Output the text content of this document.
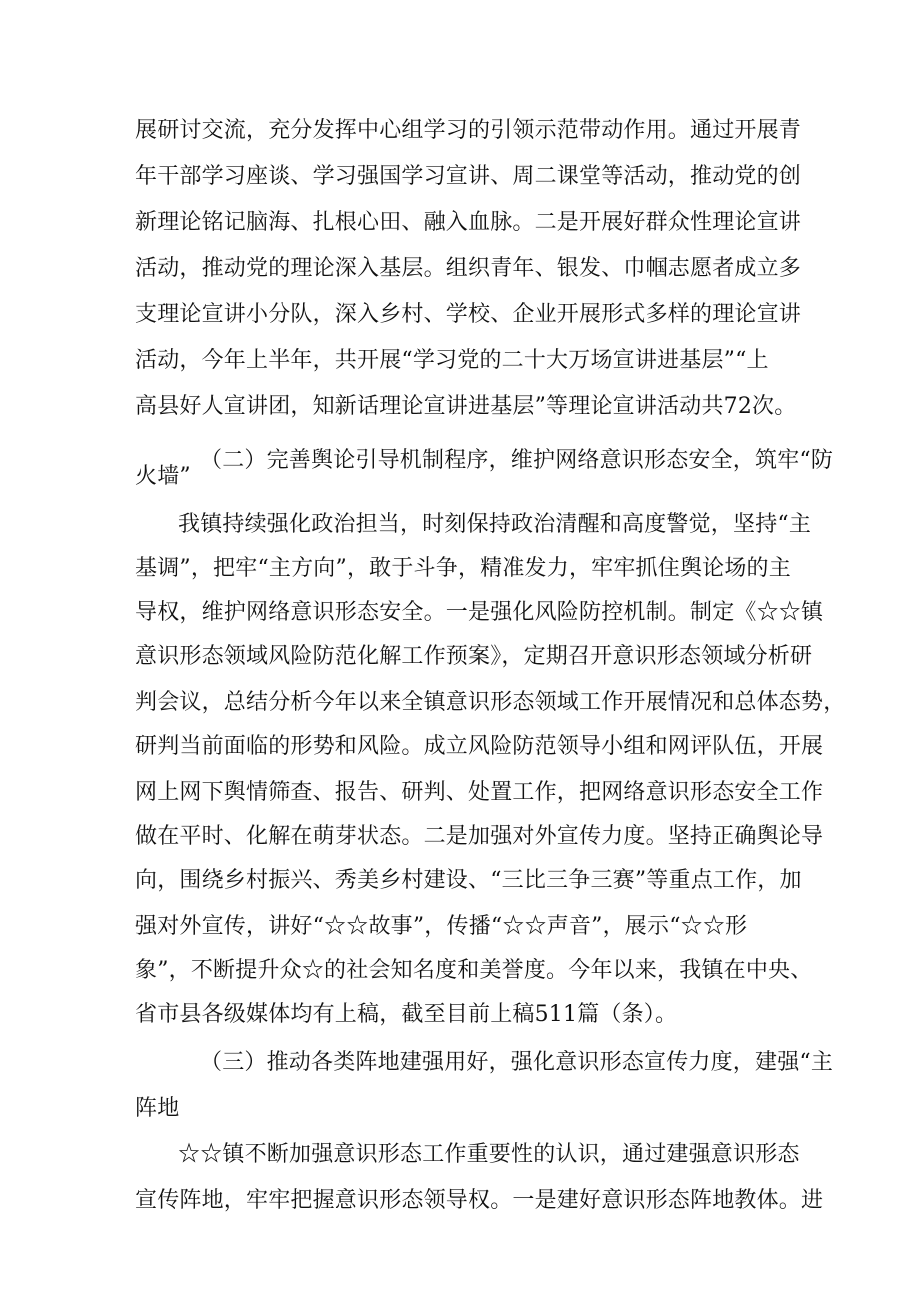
展研讨交流，充分发挥中心组学习的引领示范带动作用。通过开展青
年干部学习座谈、学习强国学习宣讲、周二课堂等活动，推动党的创
新理论铭记脑海、扎根心田、融入血脉。二是开展好群众性理论宣讲
活动，推动党的理论深入基层。组织青年、银发、巾帼志愿者成立多
支理论宣讲小分队，深入乡村、学校、企业开展形式多样的理论宣讲
活动，今年上半年，共开展“学习党的二十大万场宣讲进基层”“上
高县好人宣讲团，知新话理论宣讲进基层”等理论宣讲活动共72次。
（二）完善舆论引导机制程序，维护网络意识形态安全，筑牢“防
火墙”
我镇持续强化政治担当，时刻保持政治清醒和高度警觉，坚持“主
基调”，把牢“主方向”，敢于斗争，精准发力，牢牢抓住舆论场的主
导权，维护网络意识形态安全。一是强化风险防控机制。制定《☆☆镇
意识形态领域风险防范化解工作预案》，定期召开意识形态领域分析研
判会议，总结分析今年以来全镇意识形态领域工作开展情况和总体态势，
研判当前面临的形势和风险。成立风险防范领导小组和网评队伍，开展
网上网下舆情筛查、报告、研判、处置工作，把网络意识形态安全工作
做在平时、化解在萌芽状态。二是加强对外宣传力度。坚持正确舆论导
向，围绕乡村振兴、秀美乡村建设、“三比三争三赛”等重点工作，加
强对外宣传，讲好“☆☆故事”，传播“☆☆声音”，展示“☆☆形
象”，不断提升众☆的社会知名度和美誉度。今年以来，我镇在中央、
省市县各级媒体均有上稿，截至目前上稿511篇（条）。
（三）推动各类阵地建强用好，强化意识形态宣传力度，建强“主
阵地
☆☆镇不断加强意识形态工作重要性的认识，通过建强意识形态
宣传阵地，牢牢把握意识形态领导权。一是建好意识形态阵地教体。进
